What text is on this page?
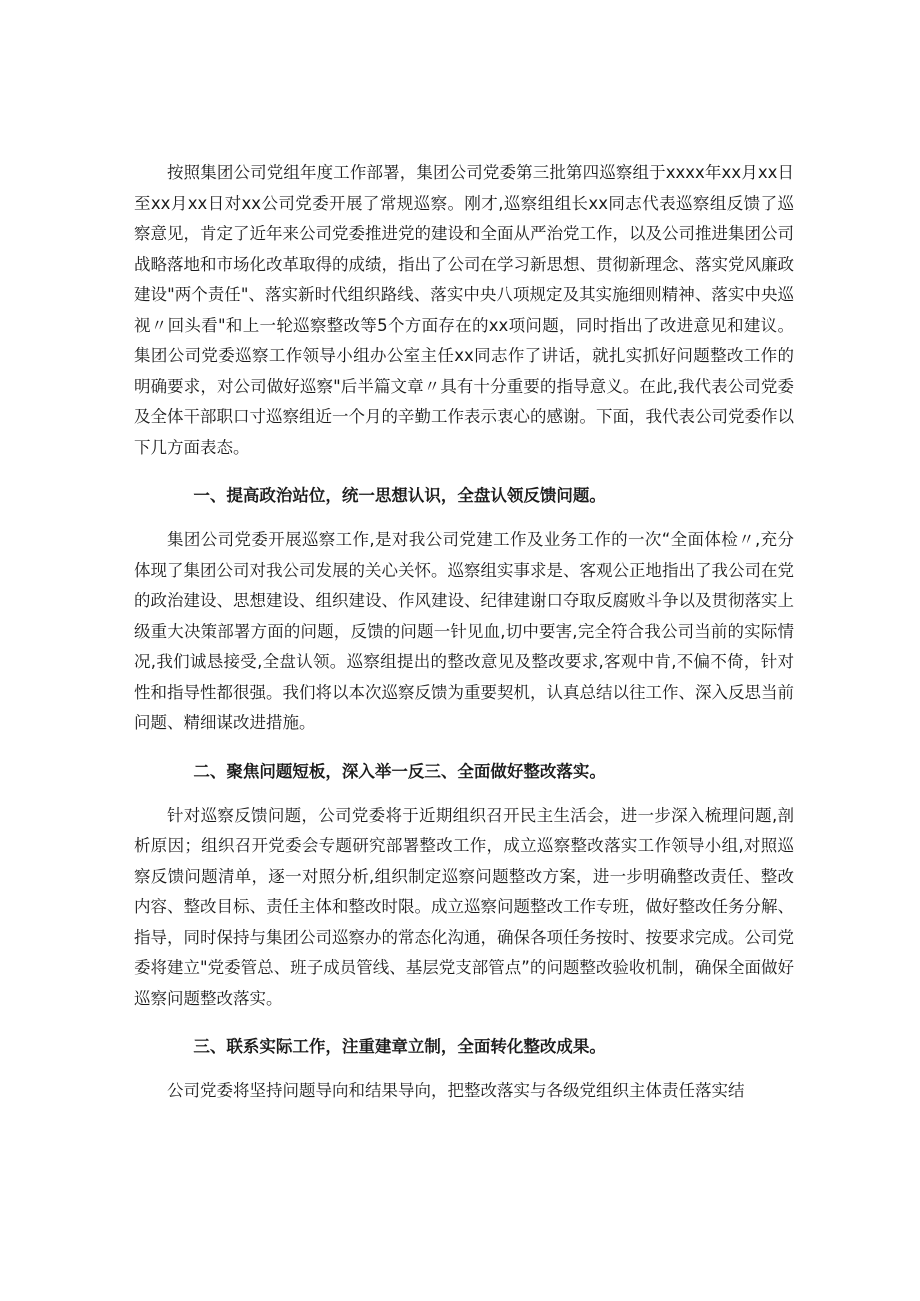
按照集团公司党组年度工作部署，集团公司党委第三批第四巡察组于xxxx年xx月xx日至xx月xx日对xx公司党委开展了常规巡察。刚才,巡察组组长xx同志代表巡察组反馈了巡察意见，肯定了近年来公司党委推进党的建设和全面从严治党工作，以及公司推进集团公司战略落地和市场化改革取得的成绩，指出了公司在学习新思想、贯彻新理念、落实党风廉政建设"两个责任"、落实新时代组织路线、落实中央八项规定及其实施细则精神、落实中央巡视〃回头看"和上一轮巡察整改等5个方面存在的xx项问题，同时指出了改进意见和建议。集团公司党委巡察工作领导小组办公室主任xx同志作了讲话，就扎实抓好问题整改工作的明确要求，对公司做好巡察"后半篇文章〃具有十分重要的指导意义。在此,我代表公司党委及全体干部职口寸巡察组近一个月的辛勤工作表示衷心的感谢。下面，我代表公司党委作以下几方面表态。

一、提高政治站位，统一思想认识，全盘认领反馈问题。

集团公司党委开展巡察工作,是对我公司党建工作及业务工作的一次“全面体检〃,充分体现了集团公司对我公司发展的关心关怀。巡察组实事求是、客观公正地指出了我公司在党的政治建设、思想建设、组织建设、作风建设、纪律建谢口夺取反腐败斗争以及贯彻落实上级重大决策部署方面的问题，反馈的问题一针见血,切中要害,完全符合我公司当前的实际情况,我们诚恳接受,全盘认领。巡察组提出的整改意见及整改要求,客观中肯,不偏不倚，针对性和指导性都很强。我们将以本次巡察反馈为重要契机，认真总结以往工作、深入反思当前问题、精细谋改进措施。

二、聚焦问题短板，深入举一反三、全面做好整改落实。

针对巡察反馈问题，公司党委将于近期组织召开民主生活会，进一步深入梳理问题,剖析原因；组织召开党委会专题研究部署整改工作，成立巡察整改落实工作领导小组,对照巡察反馈问题清单，逐一对照分析,组织制定巡察问题整改方案，进一步明确整改责任、整改内容、整改目标、责任主体和整改时限。成立巡察问题整改工作专班，做好整改任务分解、指导，同时保持与集团公司巡察办的常态化沟通，确保各项任务按时、按要求完成。公司党委将建立"党委管总、班子成员管线、基层党支部管点”的问题整改验收机制，确保全面做好巡察问题整改落实。

三、联系实际工作，注重建章立制，全面转化整改成果。

公司党委将坚持问题导向和结果导向，把整改落实与各级党组织主体责任落实结
